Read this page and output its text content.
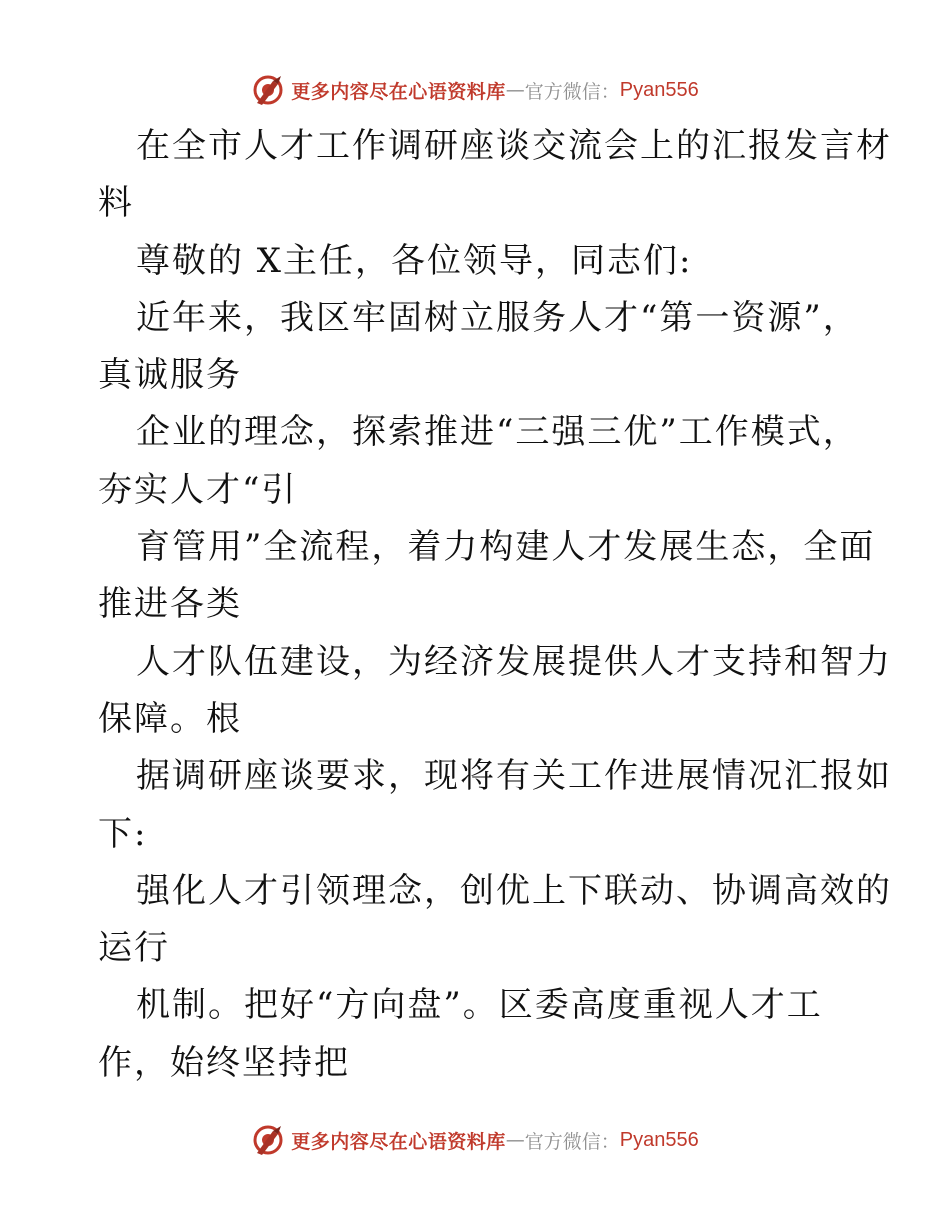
更多内容尽在心语资料库 — 官方微信： Pyan556
在全市人才工作调研座谈交流会上的汇报发言材
料
尊敬的 X主任，各位领导，同志们:
近年来，我区牢固树立服务人才“第一资源”，
真诚服务
企业的理念，探索推进“三强三优”工作模式，
夯实人才“引
育管用”全流程，着力构建人才发展生态，全面
推进各类
人才队伍建设，为经济发展提供人才支持和智力
保障。根
据调研座谈要求，现将有关工作进展情况汇报如
下:
强化人才引领理念，创优上下联动、协调高效的
运行
机制。把好“方向盘”。区委高度重视人才工
作，始终坚持把
更多内容尽在心语资料库 — 官方微信： Pyan556
